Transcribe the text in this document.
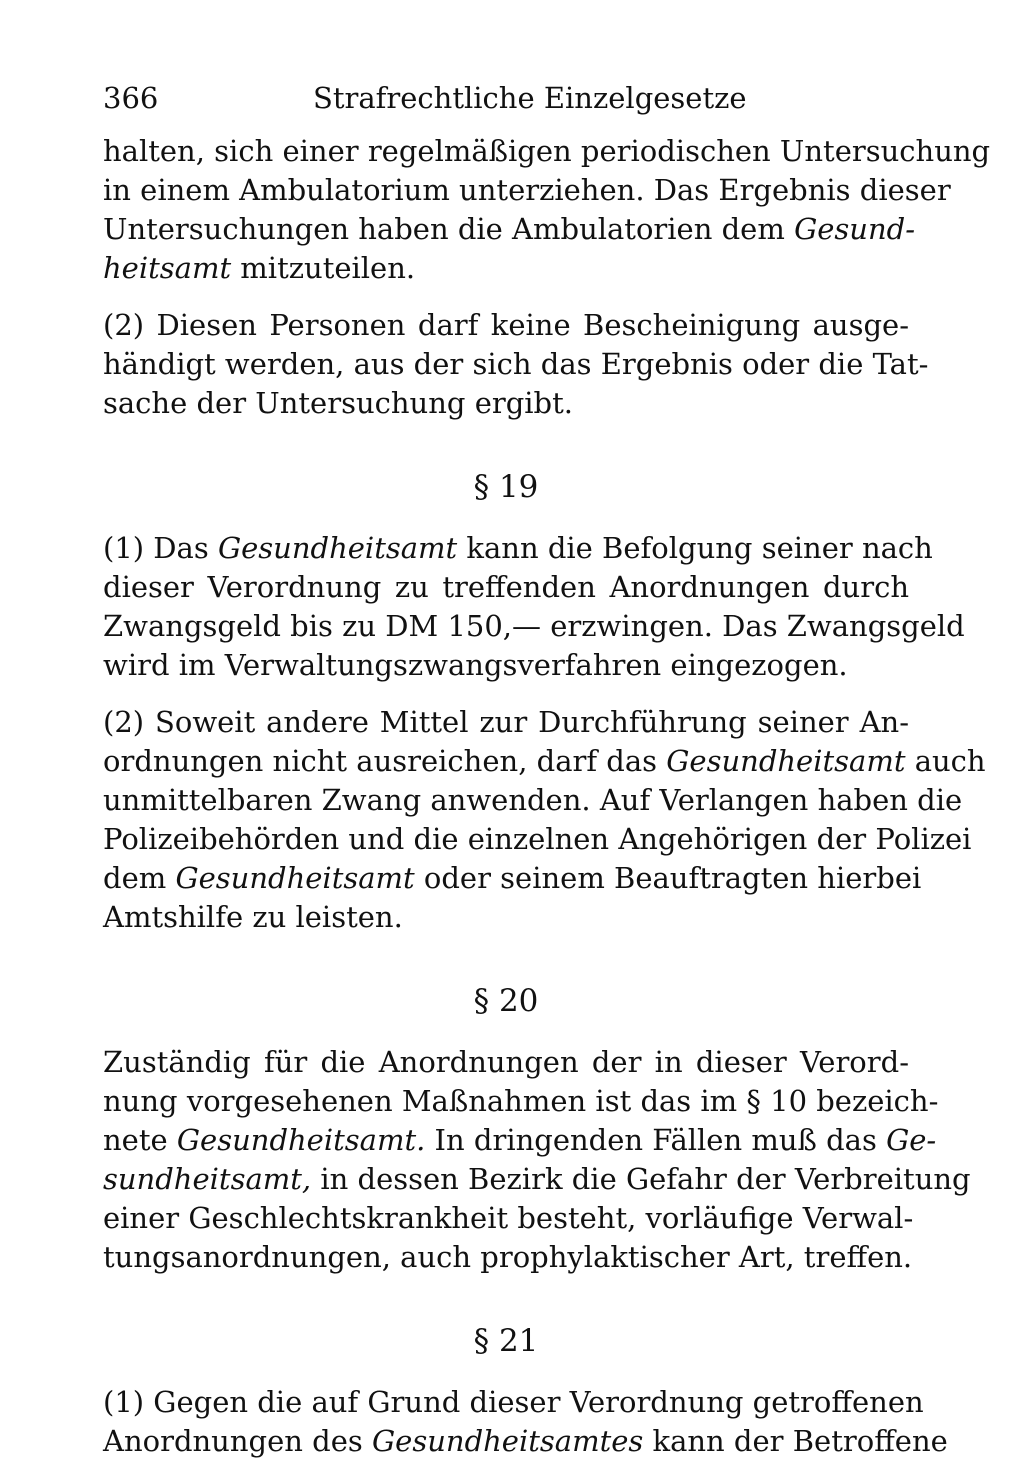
366	Strafrechtliche Einzelgesetze
halten, sich einer regelmäßigen periodischen Untersuchung
in einem Ambulatorium unterziehen. Das Ergebnis dieser
Untersuchungen haben die Ambulatorien dem Gesund-
heitsamt mitzuteilen.
(2) Diesen Personen darf keine Bescheinigung ausge-
händigt werden, aus der sich das Ergebnis oder die Tat-
sache der Untersuchung ergibt.
§ 19
(1) Das Gesundheitsamt kann die Befolgung seiner nach
dieser Verordnung zu treffenden Anordnungen durch
Zwangsgeld bis zu DM 150,— erzwingen. Das Zwangsgeld
wird im Verwaltungszwangsverfahren eingezogen.
(2) Soweit andere Mittel zur Durchführung seiner An-
ordnungen nicht ausreichen, darf das Gesundheitsamt auch
unmittelbaren Zwang anwenden. Auf Verlangen haben die
Polizeibehörden und die einzelnen Angehörigen der Polizei
dem Gesundheitsamt oder seinem Beauftragten hierbei
Amtshilfe zu leisten.
§ 20
Zuständig für die Anordnungen der in dieser Verord-
nung vorgesehenen Maßnahmen ist das im § 10 bezeich-
nete Gesundheitsamt. In dringenden Fällen muß das Ge-
sundheitsamt, in dessen Bezirk die Gefahr der Verbreitung
einer Geschlechtskrankheit besteht, vorläufige Verwal-
tungsanordnungen, auch prophylaktischer Art, treffen.
§ 21
(1) Gegen die auf Grund dieser Verordnung getroffenen
Anordnungen des Gesundheitsamtes kann der Betroffene
